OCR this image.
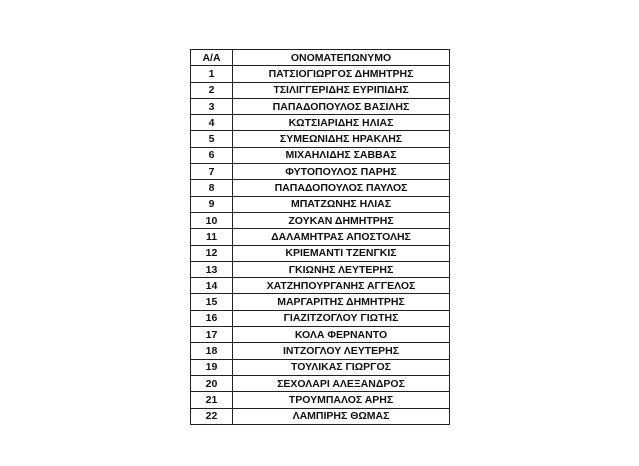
Α/Α	ΟΝΟΜΑΤΕΠΩΝΥΜΟ
1	ΠΑΤΣΙΟΓΙΩΡΓΟΣ ΔΗΜΗΤΡΗΣ
2	ΤΣΙΛΙΓΓΕΡΙΔΗΣ ΕΥΡΙΠΙΔΗΣ
3	ΠΑΠΑΔΟΠΟΥΛΟΣ ΒΑΣΙΛΗΣ
4	ΚΩΤΣΙΑΡΙΔΗΣ ΗΛΙΑΣ
5	ΣΥΜΕΩΝΙΔΗΣ ΗΡΑΚΛΗΣ
6	ΜΙΧΑΗΛΙΔΗΣ ΣΑΒΒΑΣ
7	ΦΥΤΟΠΟΥΛΟΣ ΠΑΡΗΣ
8	ΠΑΠΑΔΟΠΟΥΛΟΣ ΠΑΥΛΟΣ
9	ΜΠΑΤΖΩΝΗΣ ΗΛΙΑΣ
10	ΖΟΥΚΑΝ ΔΗΜΗΤΡΗΣ
11	ΔΑΛΑΜΗΤΡΑΣ ΑΠΟΣΤΟΛΗΣ
12	ΚΡΙΕΜΑΝΤΙ ΤΖΕΝΓΚΙΣ
13	ΓΚΙΩΝΗΣ ΛΕΥΤΕΡΗΣ
14	ΧΑΤΖΗΠΟΥΡΓΑΝΗΣ ΑΓΓΕΛΟΣ
15	ΜΑΡΓΑΡΙΤΗΣ ΔΗΜΗΤΡΗΣ
16	ΓΙΑΖΙΤΖΟΓΛΟΥ ΓΙΩΤΗΣ
17	ΚΟΛΑ ΦΕΡΝΑΝΤΟ
18	ΙΝΤΖΟΓΛΟΥ ΛΕΥΤΕΡΗΣ
19	ΤΟΥΛΙΚΑΣ ΓΙΩΡΓΟΣ
20	ΣΕΧΟΛΑΡΙ ΑΛΕΞΑΝΔΡΟΣ
21	ΤΡΟΥΜΠΑΛΟΣ ΑΡΗΣ
22	ΛΑΜΠΙΡΗΣ ΘΩΜΑΣ
